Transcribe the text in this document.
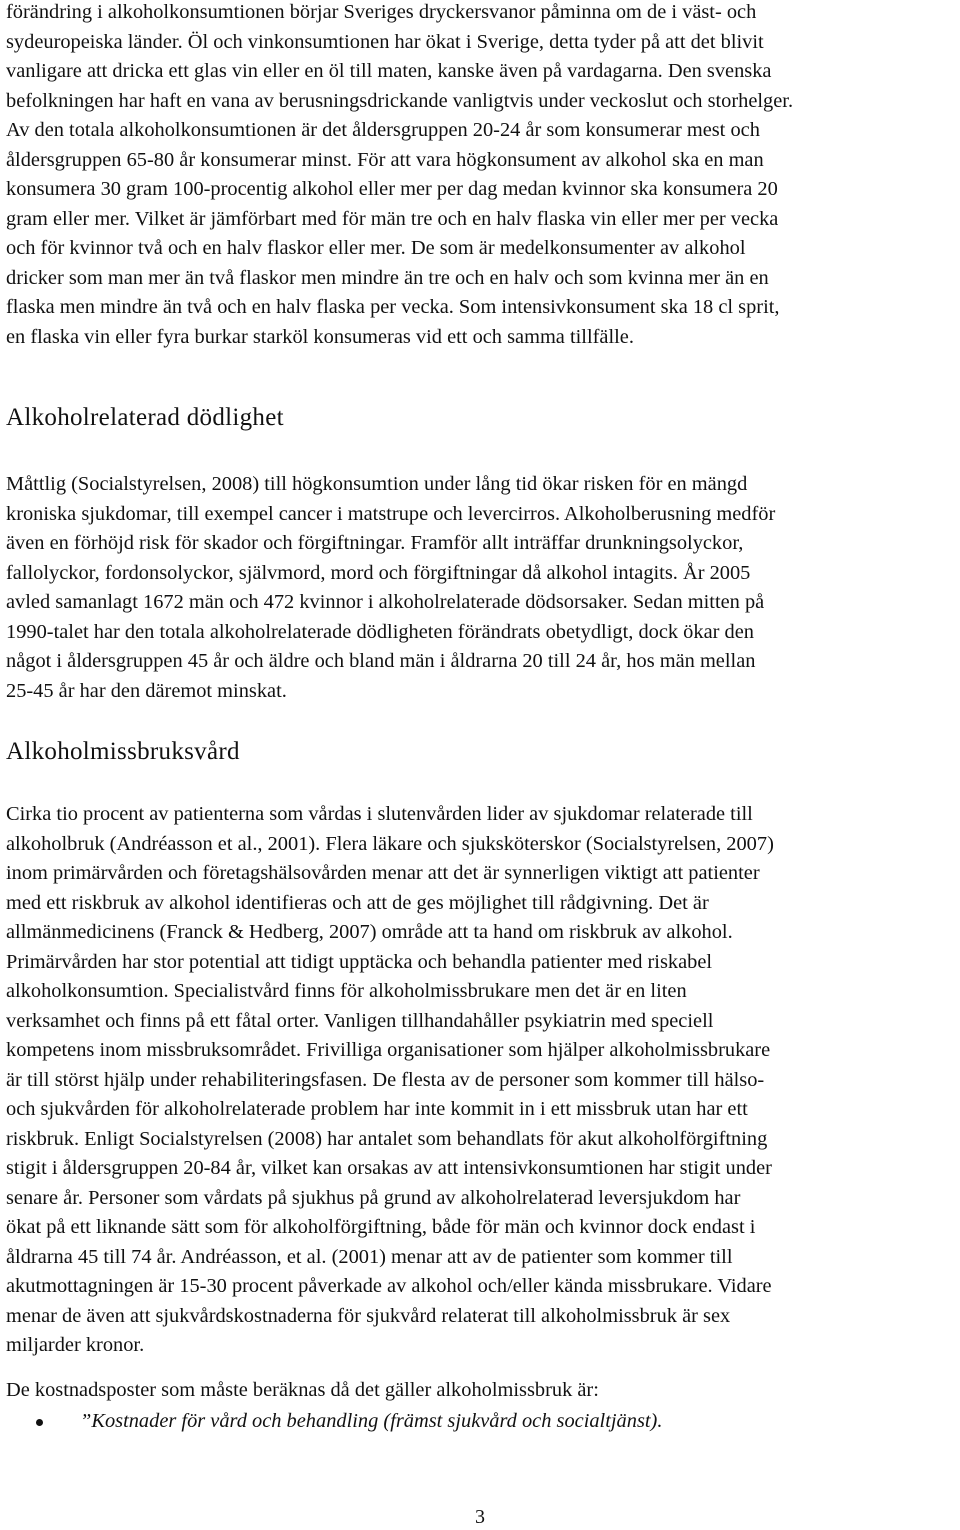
förändring i alkoholkonsumtionen börjar Sveriges dryckersvanor påminna om de i väst- och
sydeuropeiska länder. Öl och vinkonsumtionen har ökat i Sverige, detta tyder på att det blivit
vanligare att dricka ett glas vin eller en öl till maten, kanske även på vardagarna. Den svenska
befolkningen har haft en vana av berusningsdrickande vanligtvis under veckoslut och storhelger.
Av den totala alkoholkonsumtionen är det åldersgruppen 20-24 år som konsumerar mest och
åldersgruppen 65-80 år konsumerar minst. För att vara högkonsument av alkohol ska en man
konsumera 30 gram 100-procentig alkohol eller mer per dag medan kvinnor ska konsumera 20
gram eller mer. Vilket är jämförbart med för män tre och en halv flaska vin eller mer per vecka
och för kvinnor två och en halv flaskor eller mer. De som är medelkonsumenter av alkohol
dricker som man mer än två flaskor men mindre än tre och en halv och som kvinna mer än en
flaska men mindre än två och en halv flaska per vecka. Som intensivkonsument ska 18 cl sprit,
en flaska vin eller fyra burkar starköl konsumeras vid ett och samma tillfälle.

Alkoholrelaterad dödlighet

Måttlig (Socialstyrelsen, 2008) till högkonsumtion under lång tid ökar risken för en mängd
kroniska sjukdomar, till exempel cancer i matstrupe och levercirros. Alkoholberusning medför
även en förhöjd risk för skador och förgiftningar. Framför allt inträffar drunkningsolyckor,
fallolyckor, fordonsolyckor, självmord, mord och förgiftningar då alkohol intagits. År 2005
avled samanlagt 1672 män och 472 kvinnor i alkoholrelaterade dödsorsaker. Sedan mitten på
1990-talet har den totala alkoholrelaterade dödligheten förändrats obetydligt, dock ökar den
något i åldersgruppen 45 år och äldre och bland män i åldrarna 20 till 24 år, hos män mellan
25-45 år har den däremot minskat.

Alkoholmissbruksvård

Cirka tio procent av patienterna som vårdas i slutenvården lider av sjukdomar relaterade till
alkoholbruk (Andréasson et al., 2001). Flera läkare och sjuksköterskor (Socialstyrelsen, 2007)
inom primärvården och företagshälsovården menar att det är synnerligen viktigt att patienter
med ett riskbruk av alkohol identifieras och att de ges möjlighet till rådgivning. Det är
allmänmedicinens (Franck & Hedberg, 2007) område att ta hand om riskbruk av alkohol.
Primärvården har stor potential att tidigt upptäcka och behandla patienter med riskabel
alkoholkonsumtion. Specialistvård finns för alkoholmissbrukare men det är en liten
verksamhet och finns på ett fåtal orter. Vanligen tillhandahåller psykiatrin med speciell
kompetens inom missbruksområdet. Frivilliga organisationer som hjälper alkoholmissbrukare
är till störst hjälp under rehabiliteringsfasen. De flesta av de personer som kommer till hälso-
och sjukvården för alkoholrelaterade problem har inte kommit in i ett missbruk utan har ett
riskbruk. Enligt Socialstyrelsen (2008) har antalet som behandlats för akut alkoholförgiftning
stigit i åldersgruppen 20-84 år, vilket kan orsakas av att intensivkonsumtionen har stigit under
senare år. Personer som vårdats på sjukhus på grund av alkoholrelaterad leversjukdom har
ökat på ett liknande sätt som för alkoholförgiftning, både för män och kvinnor dock endast i
åldrarna 45 till 74 år. Andréasson, et al. (2001) menar att av de patienter som kommer till
akutmottagningen är 15-30 procent påverkade av alkohol och/eller kända missbrukare. Vidare
menar de även att sjukvårdskostnaderna för sjukvård relaterat till alkoholmissbruk är sex
miljarder kronor.

De kostnadsposter som måste beräknas då det gäller alkoholmissbruk är:

”Kostnader för vård och behandling (främst sjukvård och socialtjänst).
3
